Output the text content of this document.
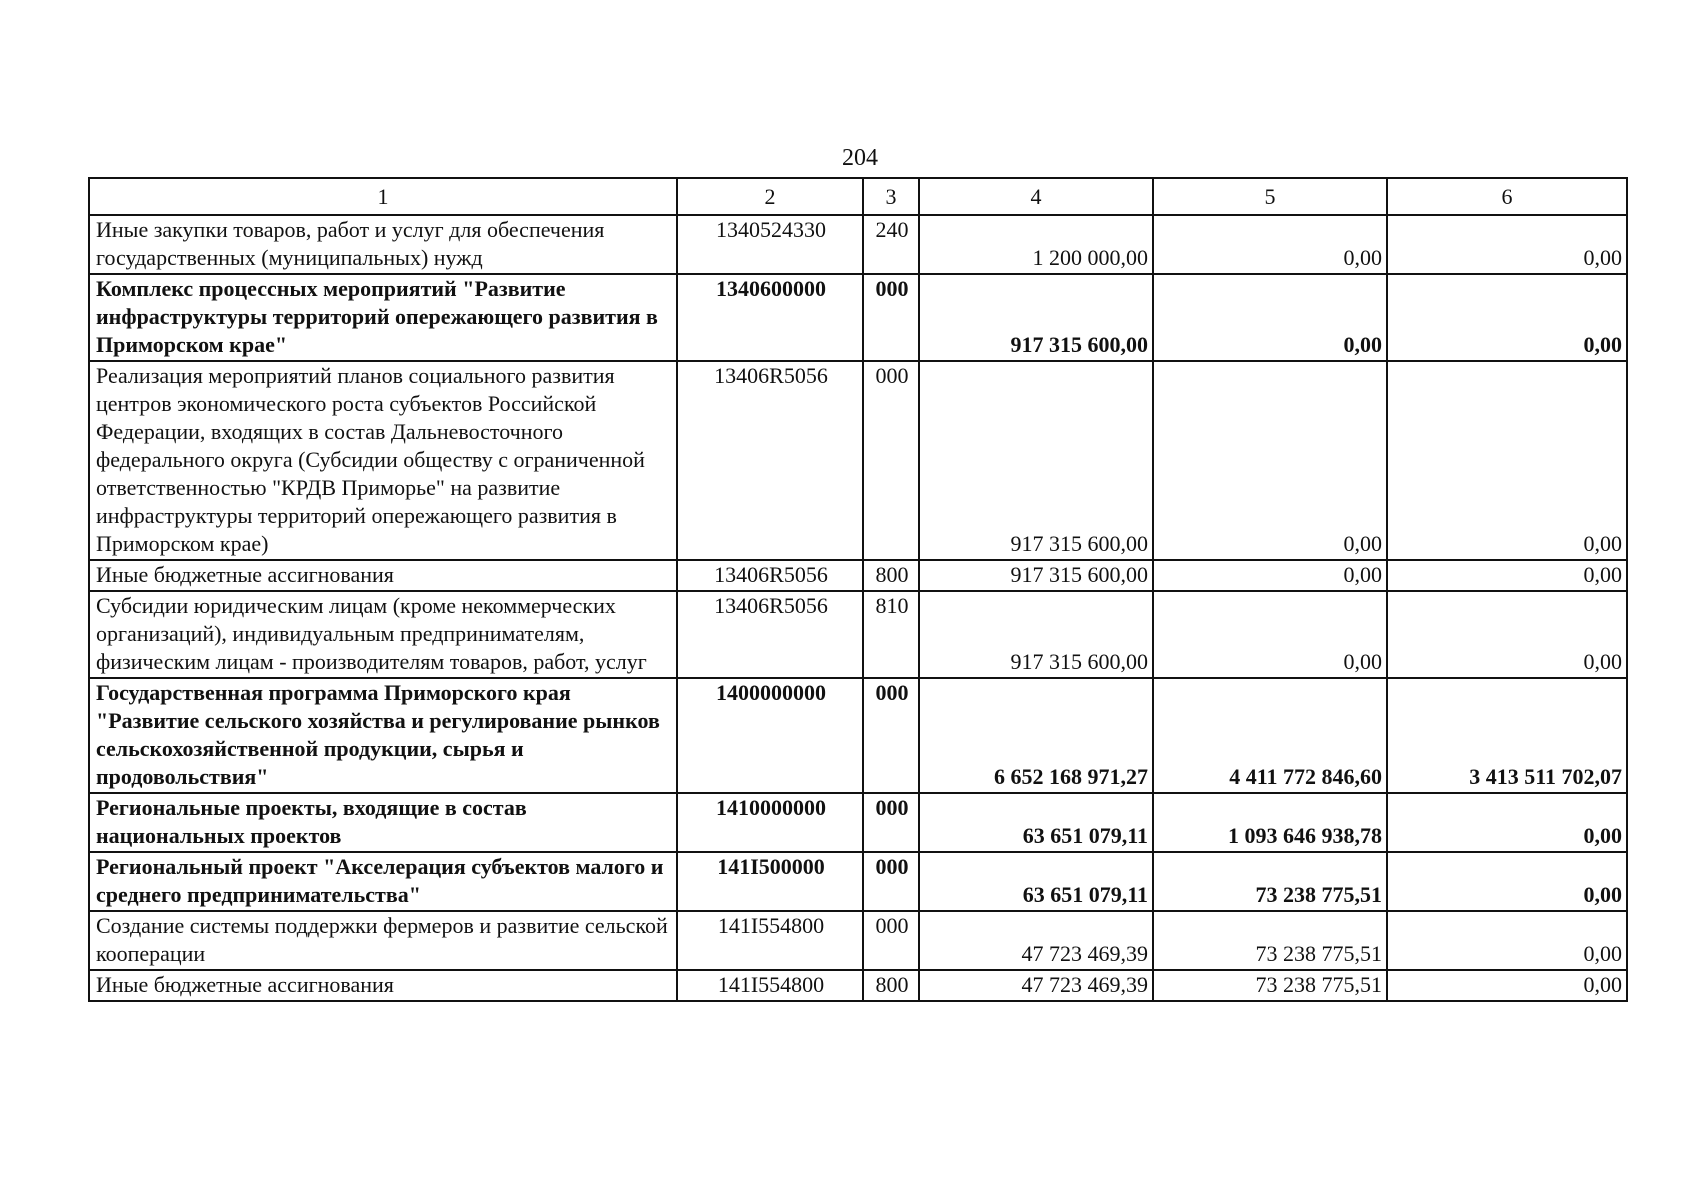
204
1	2	3	4	5	6
Иные закупки товаров, работ и услуг для обеспечения государственных (муниципальных) нужд	1340524330	240	1 200 000,00	0,00	0,00
Комплекс процессных мероприятий "Развитие инфраструктуры территорий опережающего развития в Приморском крае"	1340600000	000	917 315 600,00	0,00	0,00
Реализация мероприятий планов социального развития центров экономического роста субъектов Российской Федерации, входящих в состав Дальневосточного федерального округа (Субсидии обществу с ограниченной ответственностью "КРДВ Приморье" на развитие инфраструктуры территорий опережающего развития в Приморском крае)	13406R5056	000	917 315 600,00	0,00	0,00
Иные бюджетные ассигнования	13406R5056	800	917 315 600,00	0,00	0,00
Субсидии юридическим лицам (кроме некоммерческих организаций), индивидуальным предпринимателям, физическим лицам - производителям товаров, работ, услуг	13406R5056	810	917 315 600,00	0,00	0,00
Государственная программа Приморского края "Развитие сельского хозяйства и регулирование рынков сельскохозяйственной продукции, сырья и продовольствия"	1400000000	000	6 652 168 971,27	4 411 772 846,60	3 413 511 702,07
Региональные проекты, входящие в состав национальных проектов	1410000000	000	63 651 079,11	1 093 646 938,78	0,00
Региональный проект "Акселерация субъектов малого и среднего предпринимательства"	141I500000	000	63 651 079,11	73 238 775,51	0,00
Создание системы поддержки фермеров и развитие сельской кооперации	141I554800	000	47 723 469,39	73 238 775,51	0,00
Иные бюджетные ассигнования	141I554800	800	47 723 469,39	73 238 775,51	0,00
